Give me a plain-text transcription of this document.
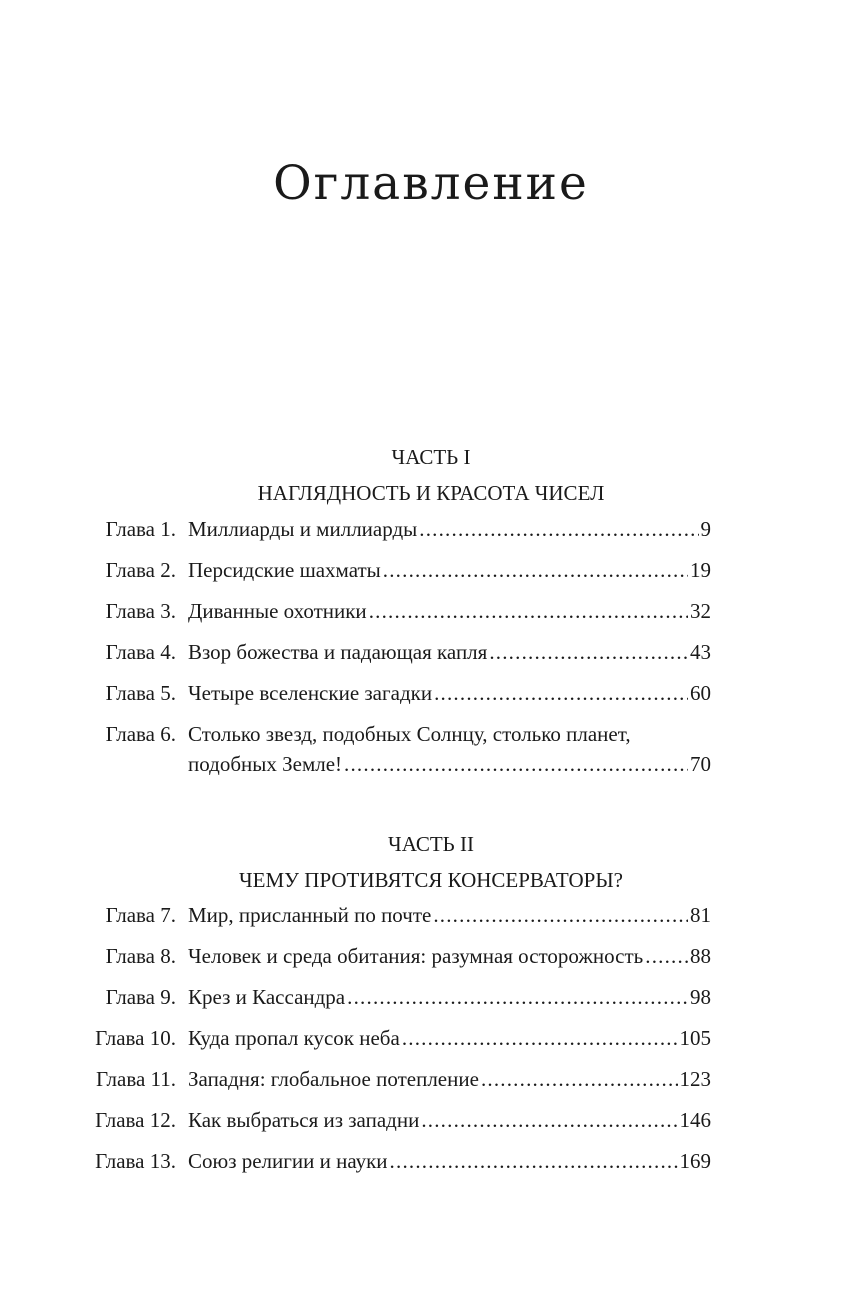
Оглавление
ЧАСТЬ I
НАГЛЯДНОСТЬ И КРАСОТА ЧИСЕЛ
Глава 1. Миллиарды и миллиарды .....	9
Глава 2. Персидские шахматы .....	19
Глава 3. Диванные охотники .....	32
Глава 4. Взор божества и падающая капля .....	43
Глава 5. Четыре вселенские загадки .....	60
Глава 6. Столько звезд, подобных Солнцу, столько планет,
подобных Земле! .....	70
ЧАСТЬ II
ЧЕМУ ПРОТИВЯТСЯ КОНСЕРВАТОРЫ?
Глава 7. Мир, присланный по почте .....	81
Глава 8. Человек и среда обитания: разумная осторожность ..... 88
Глава 9. Крез и Кассандра .....	98
Глава 10. Куда пропал кусок неба .....	105
Глава 11. Западня: глобальное потепление .....	123
Глава 12. Как выбраться из западни .....	146
Глава 13. Союз религии и науки .....	169
